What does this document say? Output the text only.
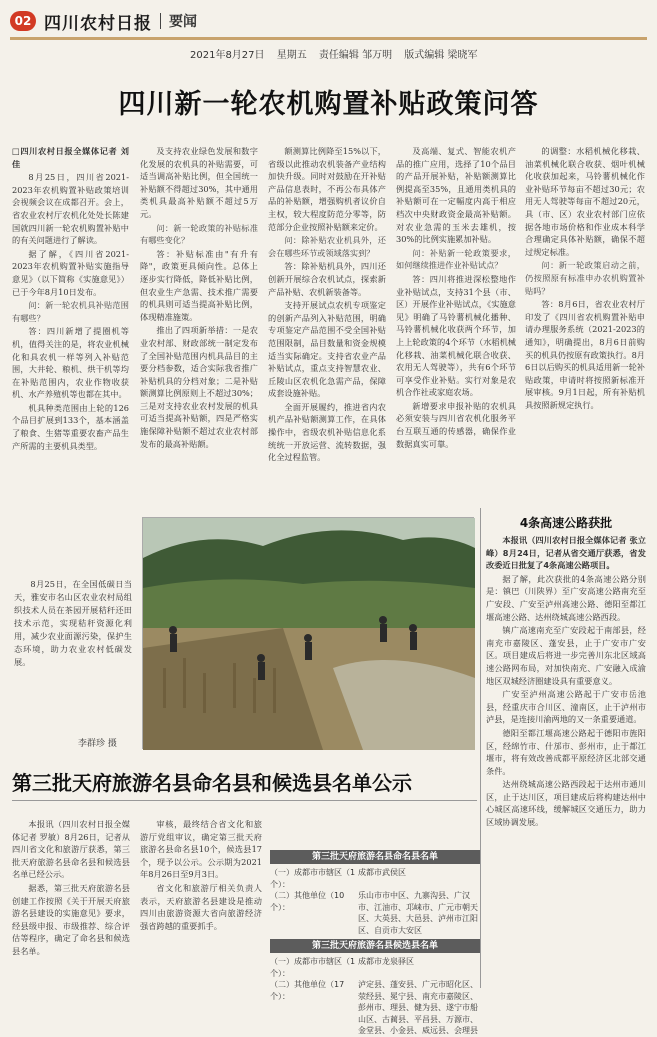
02 四川农村日报 要闻
2021年8月27日 星期五 责任编辑 邹万明 版式编辑 梁晓军
四川新一轮农机购置补贴政策问答

□四川农村日报全媒体记者 刘佳

8月25日，四川省2021-2023年农机购置补贴政策培训会视频会议在成都召开。会上，省农业农村厅农机化处处长陈建国就四川新一轮农机购置补贴中的有关问题进行了解读。

据了解，《四川省2021-2023年农机购置补贴实施指导意见》（以下简称《实施意见》）已于今年8月10日发布。

问：新一轮农机具补贴范围有哪些？

答：四川新增了提圈机等机，值得关注的是，将农业机械化和具农机一样等列入补贴范围，大井轮、粮机、烘干机等均在补贴范围内，农业作物收获机、水产养殖机等也都在其中。

机具种类范围由上轮的126个品目扩展到133个，基本涵盖了粮食、生猪等重要农畜产品生产所需的主要机具类型。

及支持农业绿色发展和数字化发展的农机具的补贴需要，可适当调高补贴比例，但全国统一补贴额不得超过30%，其中通用类机具最高补贴额不超过5万元。

问：新一轮政策的补贴标准有哪些变化？

答：补贴标准由"有升有降"，政策更具倾向性。总体上逐步实行降低，降低补贴比例，但农业生产急需、技术推广需要的机具则可适当提高补贴比例，体现精准施策。

推出了四项新举措：一是农业农村部、财政部统一制定发布了全国补贴范围内机具品目的主要分档参数，适合实际我省推广补贴机具的分档对象；二是补贴额测算比例原则上不超过30%；三是对支持农业农村发展的机具可适当提高补贴额，四是严格实施保障补贴额不超过农业农村部发布的最高补贴额。

额测算比例降至15%以下，省级以此推动农机装备产业结构加快升级。同时对鼓励在开补贴产品信息表时，不再公布具体产品的补贴额，增强购机者议价自主权，较大程度防范分零等，防范部分企业按照补贴额来定价。

问：除补贴农业机具外，还会在哪些环节或领域落实到？

答：除补贴机具外，四川还创新开展综合农机试点，探索新产品补贴、农机新装备等。

支持开展试点农机专项鉴定的创新产品列入补贴范围，明确专项鉴定产品范围不受全国补贴范围限制，品目数量和资金规模适当实际确定。支持省农业产品补贴试点，重点支持智慧农业、丘陵山区农机化急需产品，保障成套设施补贴。

全面开展履约，推进省内农机产品补贴额测算工作，在具体操作中，省级农机补贴信息化系统统一开放运营、流转数据，强化全过程监管。

及高端、复式、智能农机产品的推广应用，选择了10个品目的产品开展补贴，补贴额测算比例提高至35%，且通用类机具的补贴额可在一定幅度内高于相应档次中央财政资金最高补贴额。对农业急需的玉米去雄机，按30%的比例实施累加补贴。

问：补贴新一轮政策要求，如何继续推进作业补贴试点？

答：四川将推进深松整地作业补贴试点，支持31个县（市、区）开展作业补贴试点，《实施意见》明确了马铃薯机械化播种、马铃薯机械化收获两个环节，加上上轮政策的4个环节（水稻机械化移栽、油菜机械化联合收获、农用无人驾驶等），共有6个环节可享受作业补贴。实行对象是农机合作社或家庭农场。

新增要求申报补贴的农机具必须安装与四川省农机化服务平台互联互通的传感器，确保作业数据真实可靠。

的调整：水稻机械化移栽、油菜机械化联合收获、烟叶机械化收获加起来，马铃薯机械化作业补贴环节每亩不超过30元；农用无人驾驶等每亩不超过20元，具（市、区）农业农村部门应依据各地市场价格和作业成本科学合理确定具体补贴额，确保不超过规定标准。

问：新一轮政策启动之前，仍按照原有标准申办农机购置补贴吗？

答：8月6日，省农业农村厅印发了《四川省农机购置补贴申请办理服务系统（2021-2023的通知》，明确提出，8月6日前购买的机具仍按原有政策执行。8月6日以后购买的机具适用新一轮补贴政策，申请时将按照新标准开展审核。9月1日起，所有补贴机具按照新规定执行。

8月25日，在全国低碳日当天，雅安市名山区农业农村局组织技术人员在茶园开展秸秆还田技术示范，实现秸秆资源化利用，减少农业面源污染，保护生态环境，助力农业农村低碳发展。

李群珍 摄
4条高速公路获批

本报讯（四川农村日报全媒体记者 张立峰）8月24日，记者从省交通厅获悉，省发改委近日批复了4条高速公路项目。

据了解，此次获批的4条高速公路分别是：镇巴（川陕界）至广安高速公路南充至广安段、广安至泸州高速公路、德阳至都江堰高速公路、达州绕城高速公路西段。

镇广高速南充至广安段起于南部县，经南充市嘉陵区、蓬安县，止于广安市广安区。项目建成后将进一步完善川东北区域高速公路网布局，对加快南充、广安融入成渝地区双城经济圈建设具有重要意义。

广安至泸州高速公路起于广安市岳池县，经重庆市合川区、潼南区，止于泸州市泸县，是连接川渝两地的又一条重要通道。

德阳至都江堰高速公路起于德阳市旌阳区，经绵竹市、什邡市、彭州市，止于都江堰市，将有效改善成都平原经济区北部交通条件。

达州绕城高速公路西段起于达州市通川区，止于达川区，项目建成后将构建达州中心城区高速环线，缓解城区交通压力，助力区域协调发展。

第三批天府旅游名县命名县和候选县名单公示

本报讯（四川农村日报全媒体记者 罗敏）8月26日，记者从四川省文化和旅游厅获悉，第三批天府旅游名县命名县和候选县名单已经公示。

据悉，第三批天府旅游名县创建工作按照《关于开展天府旅游名县建设的实施意见》要求，经县级申报、市级推荐、综合评估等程序，确定了命名县和候选县名单。

审核，最终结合省文化和旅游厅党组审议，确定第三批天府旅游名县命名县10个，候选县17个，现予以公示。公示期为2021年8月26日至9月3日。

省文化和旅游厅相关负责人表示，天府旅游名县建设是推动四川由旅游资源大省向旅游经济强省跨越的重要抓手。

第三批天府旅游名县命名县名单
（一）成都市市辖区（1个）：
成都市武侯区
（二）其他单位（10个）：
乐山市市中区、九寨沟县、广汉市、江油市、邛崃市、广元市朝天区、大英县、大邑县、泸州市江阳区、自贡市大安区
第三批天府旅游名县候选县名单
（一）成都市市辖区（1个）：
成都市龙泉驿区
（二）其他单位（17个）：
泸定县、蓬安县、广元市昭化区、荥经县、冕宁县、南充市嘉陵区、彭州市、理县、健为县、遂宁市船山区、古蔺县、平昌县、万源市、金堂县、小金县、威远县、会理县
